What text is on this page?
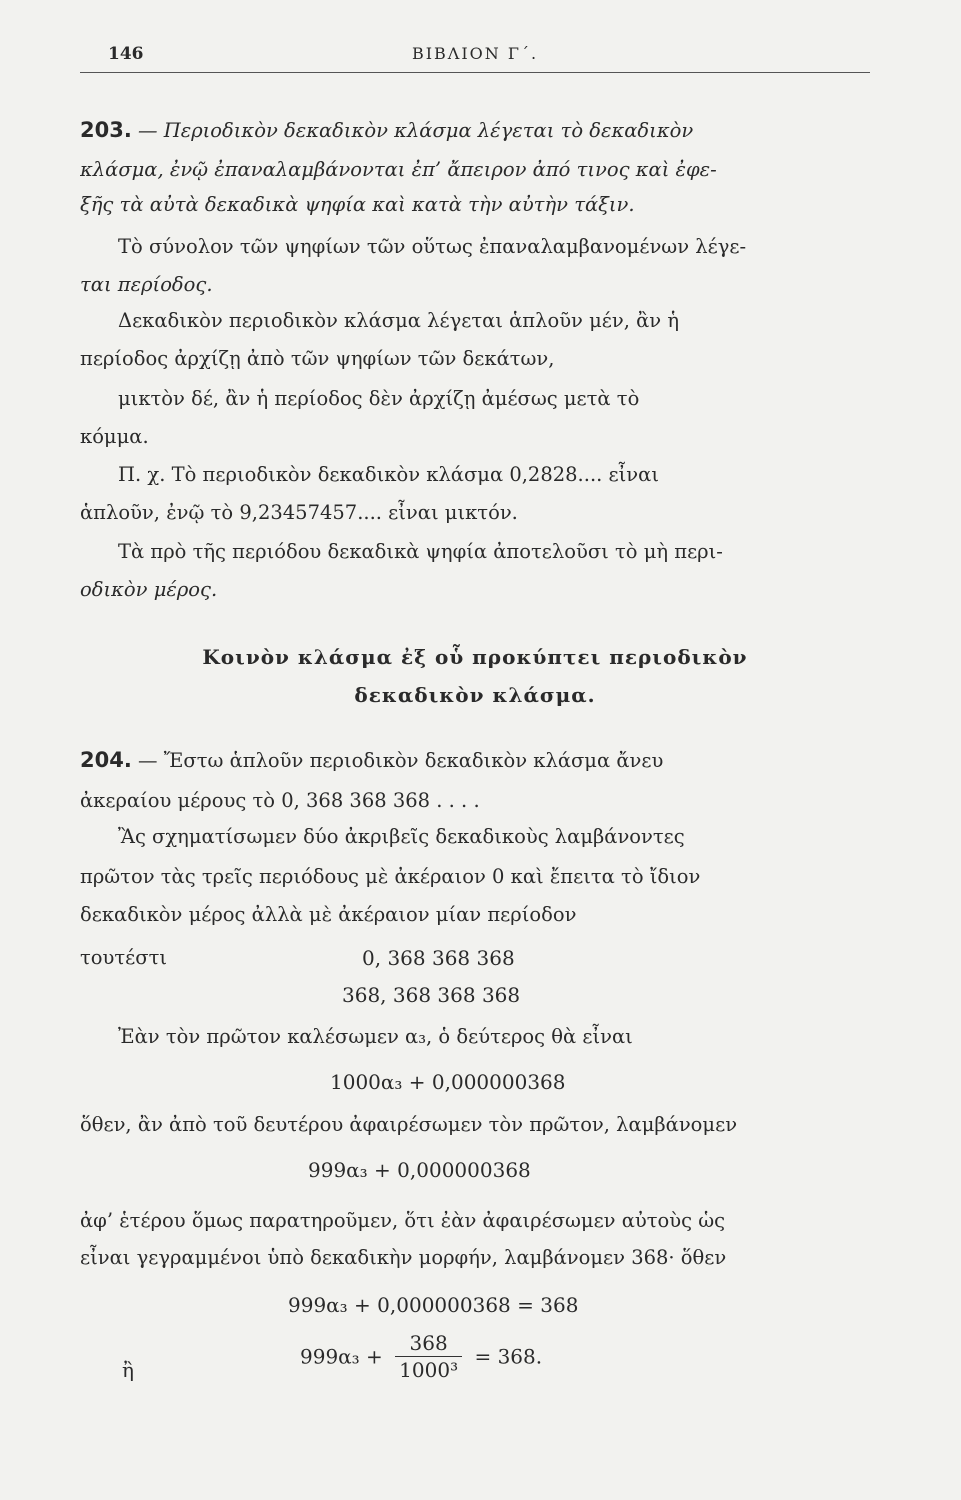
146	ΒΙΒΛΙΟΝ Γ΄.
203. — Περιοδικὸν δεκαδικὸν κλάσμα λέγεται τὸ δεκαδικὸν
κλάσμα, ἐνῷ ἐπαναλαμβάνονται ἐπ’ ἄπειρον ἀπό τινος καὶ ἐφε-
ξῆς τὰ αὐτὰ δεκαδικὰ ψηφία καὶ κατὰ τὴν αὐτὴν τάξιν.
Τὸ σύνολον τῶν ψηφίων τῶν οὕτως ἐπαναλαμβανομένων λέγε-
ται περίοδος.
Δεκαδικὸν περιοδικὸν κλάσμα λέγεται ἁπλοῦν μέν, ἂν ἡ
περίοδος ἀρχίζῃ ἀπὸ τῶν ψηφίων τῶν δεκάτων,
μικτὸν δέ, ἂν ἡ περίοδος δὲν ἀρχίζῃ ἀμέσως μετὰ τὸ
κόμμα.
Π. χ. Τὸ περιοδικὸν δεκαδικὸν κλάσμα 0,2828.... εἶναι
ἁπλοῦν, ἐνῷ τὸ 9,23457457.... εἶναι μικτόν.
Τὰ πρὸ τῆς περιόδου δεκαδικὰ ψηφία ἀποτελοῦσι τὸ μὴ περι-
οδικὸν μέρος.
Κοινὸν κλάσμα ἐξ οὗ προκύπτει περιοδικὸν
δεκαδικὸν κλάσμα.
204. — Ἔστω ἁπλοῦν περιοδικὸν δεκαδικὸν κλάσμα ἄνευ
ἀκεραίου μέρους τὸ 0, 368 368 368 . . . .
Ἂς σχηματίσωμεν δύο ἀκριβεῖς δεκαδικοὺς λαμβάνοντες
πρῶτον τὰς τρεῖς περιόδους μὲ ἀκέραιον 0 καὶ ἔπειτα τὸ ἴδιον
δεκαδικὸν μέρος ἀλλὰ μὲ ἀκέραιον μίαν περίοδον
τουτέστι	0, 368 368 368
368, 368 368 368
Ἐὰν τὸν πρῶτον καλέσωμεν α₃, ὁ δεύτερος θὰ εἶναι
1000α₃ + 0,000000368
ὅθεν, ἂν ἀπὸ τοῦ δευτέρου ἀφαιρέσωμεν τὸν πρῶτον, λαμβάνομεν
999α₃ + 0,000000368
ἀφ’ ἑτέρου ὅμως παρατηροῦμεν, ὅτι ἐὰν ἀφαιρέσωμεν αὐτοὺς ὡς
εἶναι γεγραμμένοι ὑπὸ δεκαδικὴν μορφήν, λαμβάνομεν 368· ὅθεν
999α₃ + 0,000000368 = 368
ἢ
$999\alpha_3 + \frac{368}{\text{1000³}} = 368$.
